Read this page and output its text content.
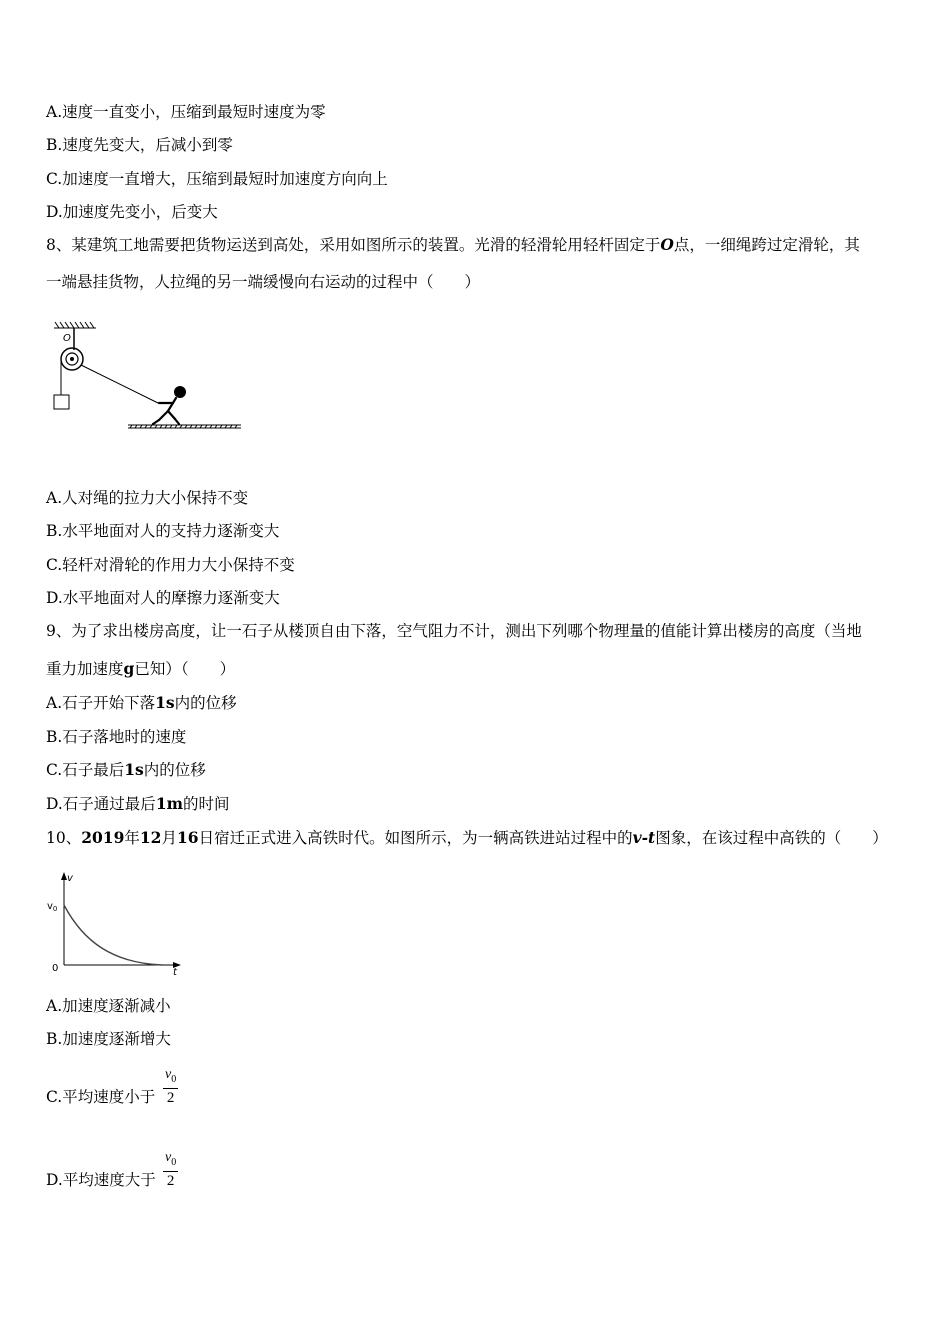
A.速度一直变小，压缩到最短时速度为零
B.速度先变大，后减小到零
C.加速度一直增大，压缩到最短时加速度方向向上
D.加速度先变小，后变大
8、某建筑工地需要把货物运送到高处，采用如图所示的装置。光滑的轻滑轮用轻杆固定于O点，一细绳跨过定滑轮，其
一端悬挂货物，人拉绳的另一端缓慢向右运动的过程中（　　）
O
A.人对绳的拉力大小保持不变
B.水平地面对人的支持力逐渐变大
C.轻杆对滑轮的作用力大小保持不变
D.水平地面对人的摩擦力逐渐变大
9、为了求出楼房高度，让一石子从楼顶自由下落，空气阻力不计，测出下列哪个物理量的值能计算出楼房的高度（当地
重力加速度g已知）（　　）
A.石子开始下落1s内的位移
B.石子落地时的速度
C.石子最后1s内的位移
D.石子通过最后1m的时间
10、2019年12月16日宿迁正式进入高铁时代。如图所示，为一辆高铁进站过程中的v-t图象，在该过程中高铁的（　　）
v
$v_0$
0	t
A.加速度逐渐减小
B.加速度逐渐增大
C.平均速度小于 $\frac{v_0}{2}$
D.平均速度大于 $\frac{v_0}{2}$
